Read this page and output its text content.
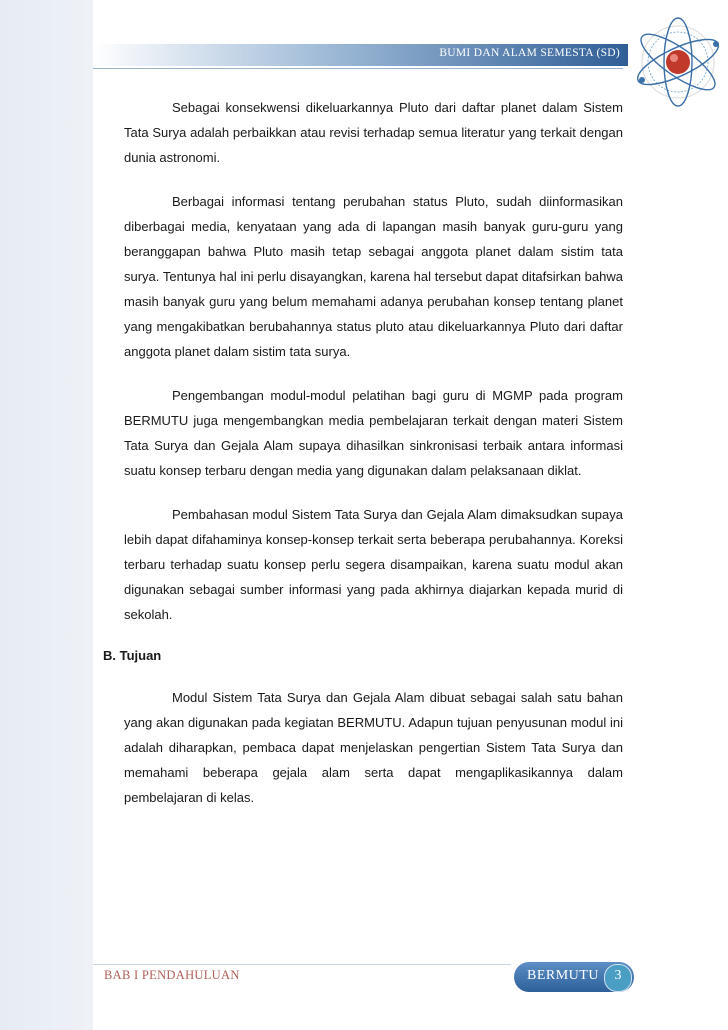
BUMI DAN ALAM SEMESTA (SD)

Sebagai konsekwensi dikeluarkannya Pluto dari daftar planet dalam Sistem Tata Surya adalah perbaikkan atau revisi terhadap semua literatur yang terkait dengan dunia astronomi.

Berbagai informasi tentang perubahan status Pluto, sudah diinformasikan diberbagai media, kenyataan yang ada di lapangan masih banyak guru-guru yang beranggapan bahwa Pluto masih tetap sebagai anggota planet dalam sistim tata surya. Tentunya hal ini perlu disayangkan, karena hal tersebut dapat ditafsirkan bahwa masih banyak guru yang belum memahami adanya perubahan konsep tentang planet yang mengakibatkan berubahannya status pluto atau dikeluarkannya Pluto dari daftar anggota planet dalam sistim tata surya.

Pengembangan modul-modul pelatihan bagi guru di MGMP pada program BERMUTU juga mengembangkan media pembelajaran terkait dengan materi Sistem Tata Surya dan Gejala Alam supaya dihasilkan sinkronisasi terbaik antara informasi suatu konsep terbaru dengan media yang digunakan dalam pelaksanaan diklat.

Pembahasan modul Sistem Tata Surya dan Gejala Alam dimaksudkan supaya lebih dapat difahaminya konsep-konsep terkait serta beberapa perubahannya. Koreksi terbaru terhadap suatu konsep perlu segera disampaikan, karena suatu modul akan digunakan sebagai sumber informasi yang pada akhirnya diajarkan kepada murid di sekolah.

B. Tujuan

Modul Sistem Tata Surya dan Gejala Alam dibuat sebagai salah satu bahan yang akan digunakan pada kegiatan BERMUTU. Adapun tujuan penyusunan modul ini adalah diharapkan, pembaca dapat menjelaskan pengertian Sistem Tata Surya dan memahami beberapa gejala alam serta dapat mengaplikasikannya dalam pembelajaran di kelas.

BAB I PENDAHULUAN	BERMUTU	3
